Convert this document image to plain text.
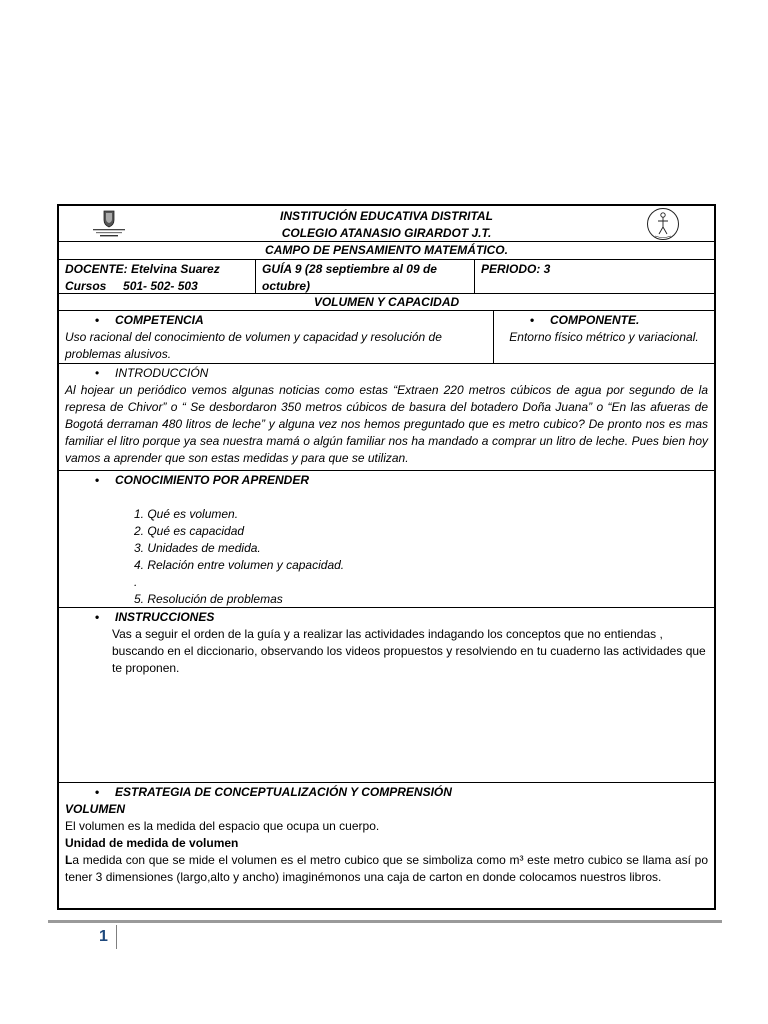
INSTITUCIÓN EDUCATIVA DISTRITAL
COLEGIO ATANASIO GIRARDOT J.T.
CAMPO DE PENSAMIENTO MATEMÁTICO.
DOCENTE: Etelvina Suarez
Cursos     501- 502- 503
GUÍA 9 (28 septiembre al 09 de octubre)
PERIODO: 3
VOLUMEN Y CAPACIDAD
• COMPETENCIA
Uso racional del conocimiento de volumen y capacidad y resolución de problemas alusivos.
• COMPONENTE.
Entorno físico métrico y variacional.
• INTRODUCCIÓN

Al hojear un periódico vemos algunas noticias como estas “Extraen 220 metros cúbicos de agua por segundo de la represa de Chivor” o “ Se desbordaron 350 metros cúbicos de basura del botadero Doña Juana” o “En las afueras de Bogotá derraman 480 litros de leche” y alguna vez nos hemos preguntado que es metro cubico? De pronto nos es mas familiar el litro porque ya sea nuestra mamá o algún familiar nos ha mandado a comprar un litro de leche. Pues bien hoy vamos a aprender que son estas medidas y para que se utilizan.

• CONOCIMIENTO POR APRENDER
1. Qué es volumen.
2. Qué es capacidad
3. Unidades de medida.
4. Relación entre volumen y capacidad.
.
5. Resolución de problemas
• INSTRUCCIONES
Vas a seguir el orden de la guía y a realizar las actividades indagando los conceptos que no entiendas , buscando en el diccionario, observando los videos propuestos y resolviendo en tu cuaderno las actividades que te proponen.
• ESTRATEGIA DE CONCEPTUALIZACIÓN Y COMPRENSIÓN
VOLUMEN
El volumen es la medida del espacio que ocupa un cuerpo.
Unidad de medida de volumen

La medida con que se mide el volumen es el metro cubico que se simboliza como m³ este metro cubico se llama así po tener 3 dimensiones (largo,alto y ancho) imaginémonos una caja de carton en donde colocamos nuestros libros.

1
